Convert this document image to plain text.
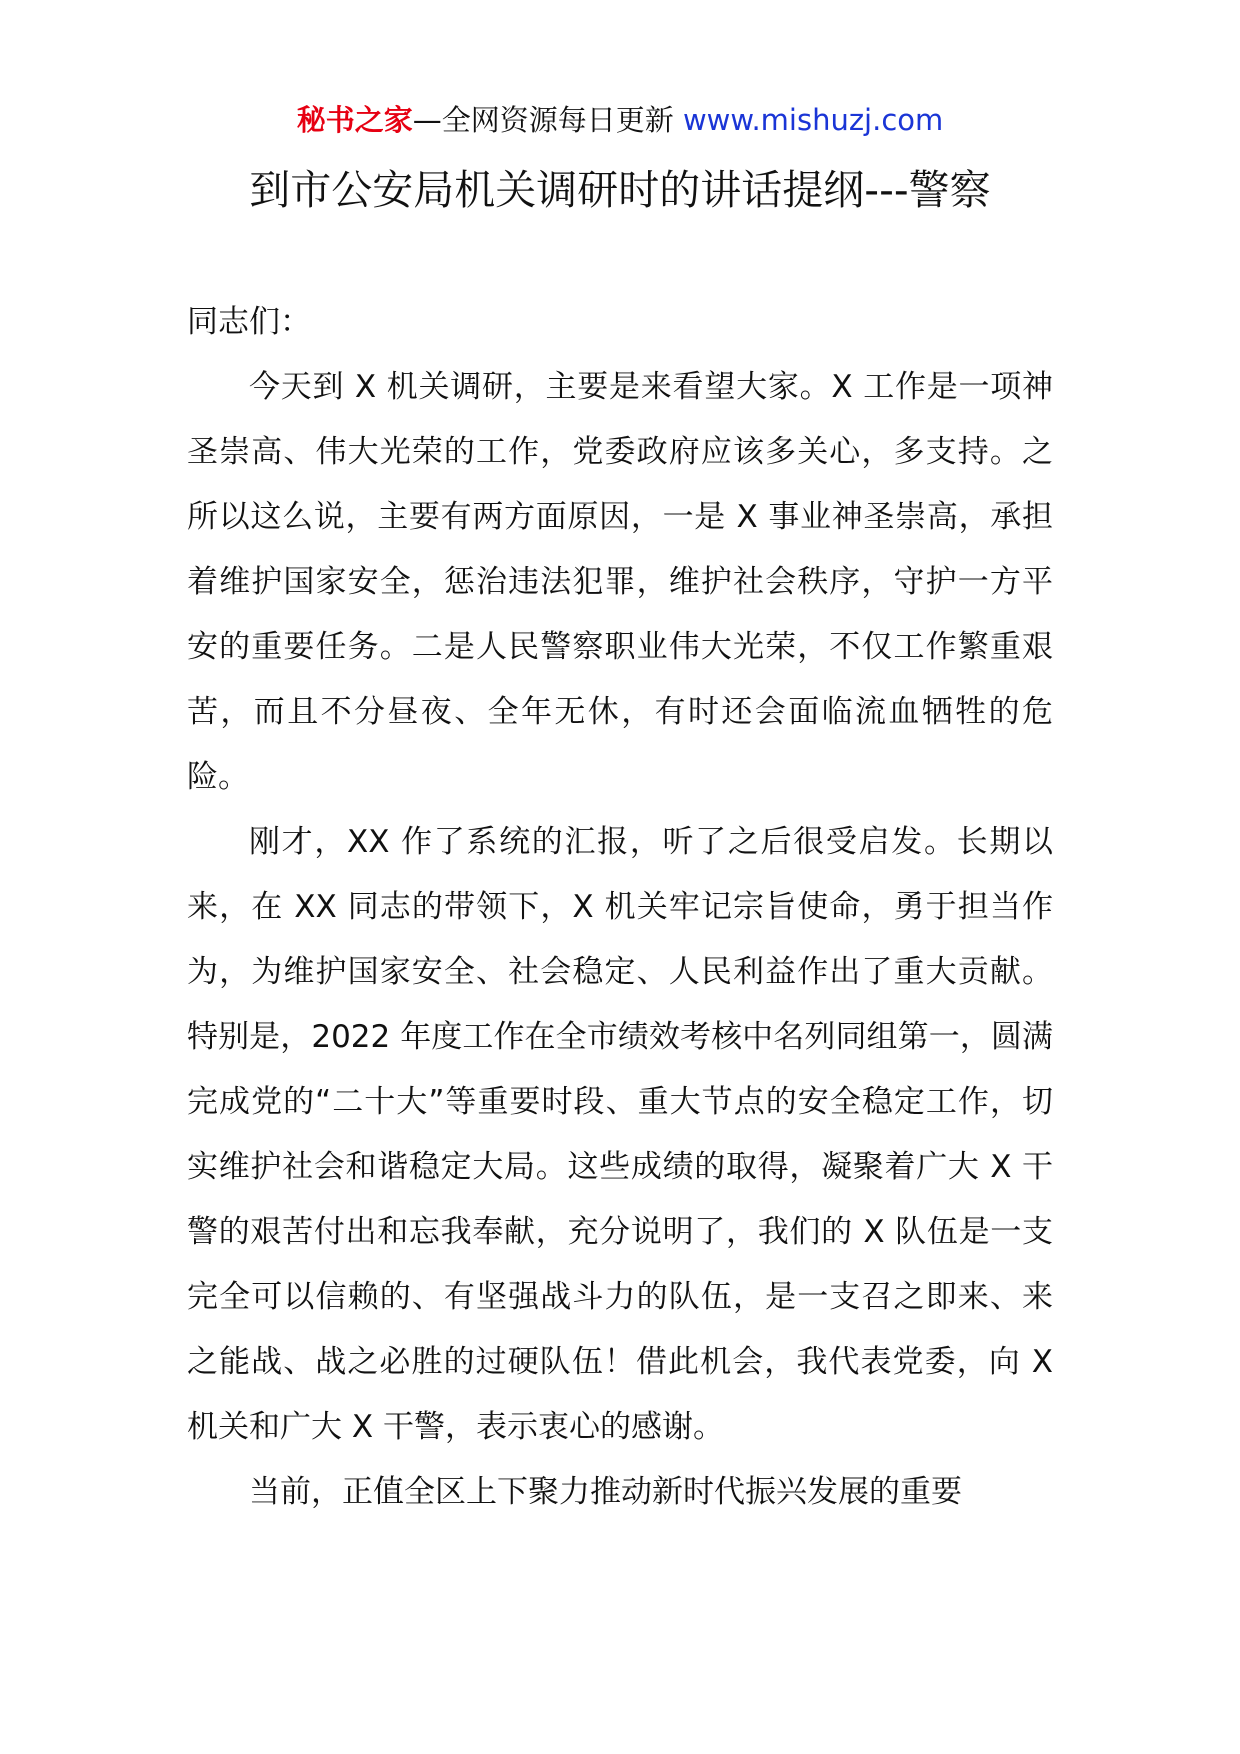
秘书之家—全网资源每日更新 www.mishuzj.com
到市公安局机关调研时的讲话提纲---警察

同志们：

今天到 X 机关调研，主要是来看望大家。X 工作是一项神圣崇高、伟大光荣的工作，党委政府应该多关心，多支持。之所以这么说，主要有两方面原因，一是 X 事业神圣崇高，承担着维护国家安全，惩治违法犯罪，维护社会秩序，守护一方平安的重要任务。二是人民警察职业伟大光荣，不仅工作繁重艰苦，而且不分昼夜、全年无休，有时还会面临流血牺牲的危险。

刚才，XX 作了系统的汇报，听了之后很受启发。长期以来，在 XX 同志的带领下，X 机关牢记宗旨使命，勇于担当作为，为维护国家安全、社会稳定、人民利益作出了重大贡献。特别是，2022 年度工作在全市绩效考核中名列同组第一，圆满完成党的“二十大”等重要时段、重大节点的安全稳定工作，切实维护社会和谐稳定大局。这些成绩的取得，凝聚着广大 X 干警的艰苦付出和忘我奉献，充分说明了，我们的 X 队伍是一支完全可以信赖的、有坚强战斗力的队伍，是一支召之即来、来之能战、战之必胜的过硬队伍！借此机会，我代表党委，向 X 机关和广大 X 干警，表示衷心的感谢。

当前，正值全区上下聚力推动新时代振兴发展的重要
